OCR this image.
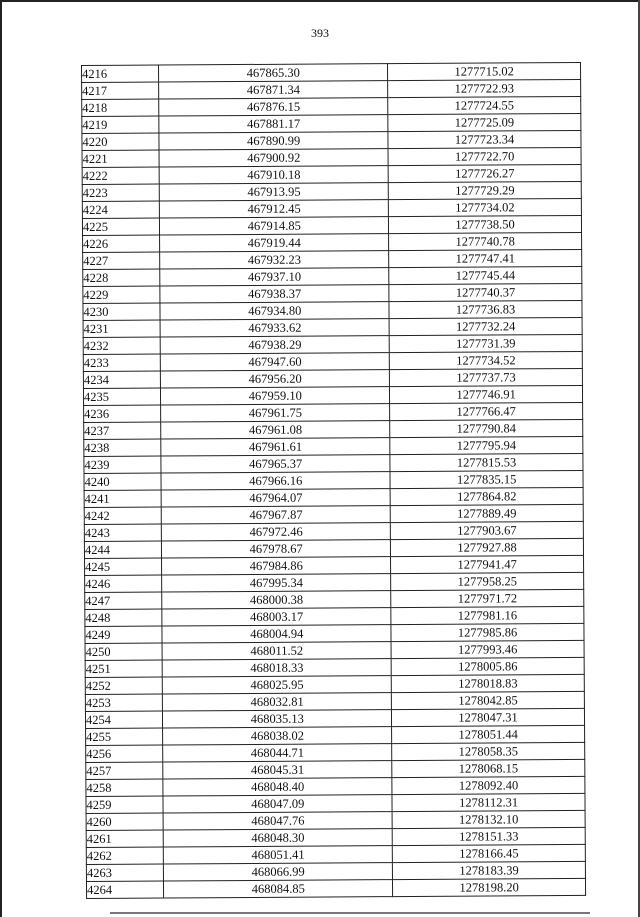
393
4216	467865.30	1277715.02
4217	467871.34	1277722.93
4218	467876.15	1277724.55
4219	467881.17	1277725.09
4220	467890.99	1277723.34
4221	467900.92	1277722.70
4222	467910.18	1277726.27
4223	467913.95	1277729.29
4224	467912.45	1277734.02
4225	467914.85	1277738.50
4226	467919.44	1277740.78
4227	467932.23	1277747.41
4228	467937.10	1277745.44
4229	467938.37	1277740.37
4230	467934.80	1277736.83
4231	467933.62	1277732.24
4232	467938.29	1277731.39
4233	467947.60	1277734.52
4234	467956.20	1277737.73
4235	467959.10	1277746.91
4236	467961.75	1277766.47
4237	467961.08	1277790.84
4238	467961.61	1277795.94
4239	467965.37	1277815.53
4240	467966.16	1277835.15
4241	467964.07	1277864.82
4242	467967.87	1277889.49
4243	467972.46	1277903.67
4244	467978.67	1277927.88
4245	467984.86	1277941.47
4246	467995.34	1277958.25
4247	468000.38	1277971.72
4248	468003.17	1277981.16
4249	468004.94	1277985.86
4250	468011.52	1277993.46
4251	468018.33	1278005.86
4252	468025.95	1278018.83
4253	468032.81	1278042.85
4254	468035.13	1278047.31
4255	468038.02	1278051.44
4256	468044.71	1278058.35
4257	468045.31	1278068.15
4258	468048.40	1278092.40
4259	468047.09	1278112.31
4260	468047.76	1278132.10
4261	468048.30	1278151.33
4262	468051.41	1278166.45
4263	468066.99	1278183.39
4264	468084.85	1278198.20
